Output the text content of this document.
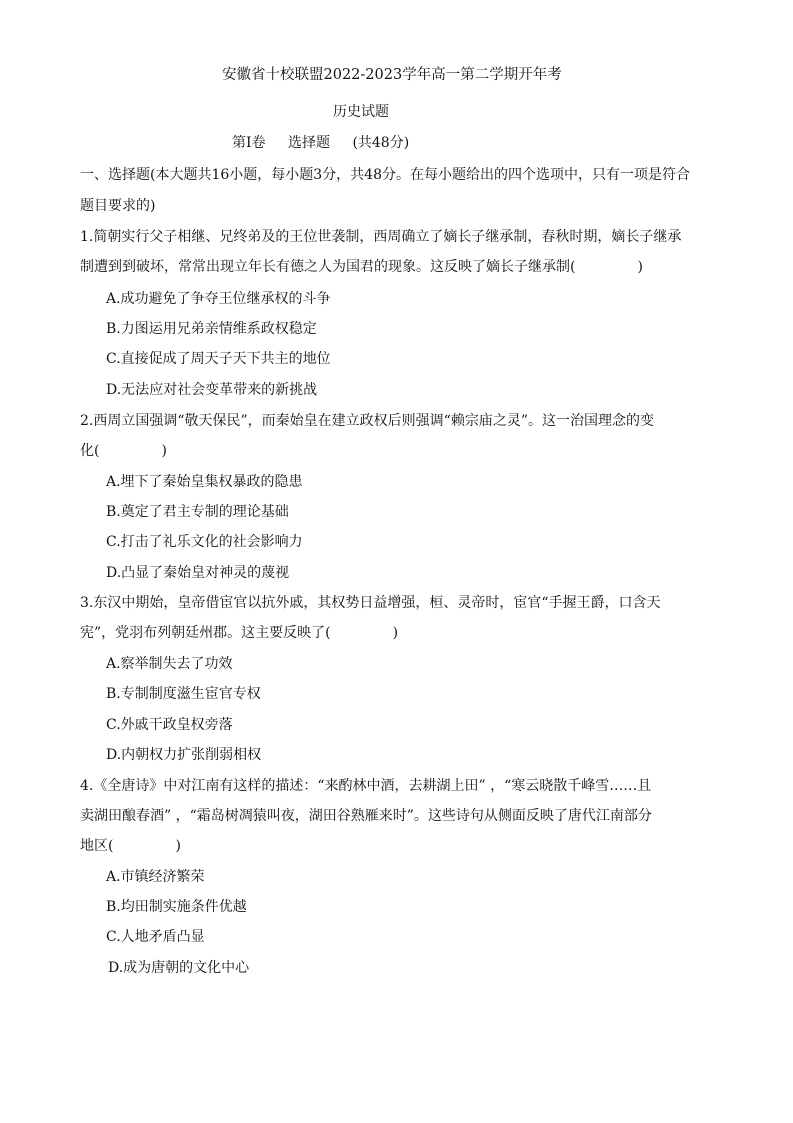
安徽省十校联盟2022-2023学年高一第二学期开年考
历史试题
第Ⅰ卷 选择题 (共48分)
一、选择题(本大题共16小题，每小题3分，共48分。在每小题给出的四个选项中，只有一项是符合
题目要求的)
1.简朝实行父子相继、兄终弟及的王位世袭制，西周确立了嫡长子继承制，春秋时期，嫡长子继承
制遭到到破坏，常常出现立年长有德之人为国君的现象。这反映了嫡长子继承制(	)
A.成功避免了争夺王位继承权的斗争
B.力图运用兄弟亲情维系政权稳定
C.直接促成了周天子天下共主的地位
D.无法应对社会变革带来的新挑战
2.西周立国强调“敬天保民”，而秦始皇在建立政权后则强调“赖宗庙之灵”。这一治国理念的变
化(	)
A.埋下了秦始皇集权暴政的隐患
B.奠定了君主专制的理论基础
C.打击了礼乐文化的社会影响力
D.凸显了秦始皇对神灵的蔑视
3.东汉中期始，皇帝借宦官以抗外戚，其权势日益增强，桓、灵帝时，宦官“手握王爵，口含天
宪”，党羽布列朝廷州郡。这主要反映了(	)
A.察举制失去了功效
B.专制制度滋生宦官专权
C.外戚干政皇权旁落
D.内朝权力扩张削弱相权
4.《全唐诗》中对江南有这样的描述：“来酌林中酒，去耕湖上田” ，“寒云晓散千峰雪……且
卖湖田酿春酒” ，“霜岛树凋猿叫夜，湖田谷熟雁来时”。这些诗句从侧面反映了唐代江南部分
地区(	)
A.市镇经济繁荣
B.均田制实施条件优越
C.人地矛盾凸显
D.成为唐朝的文化中心
